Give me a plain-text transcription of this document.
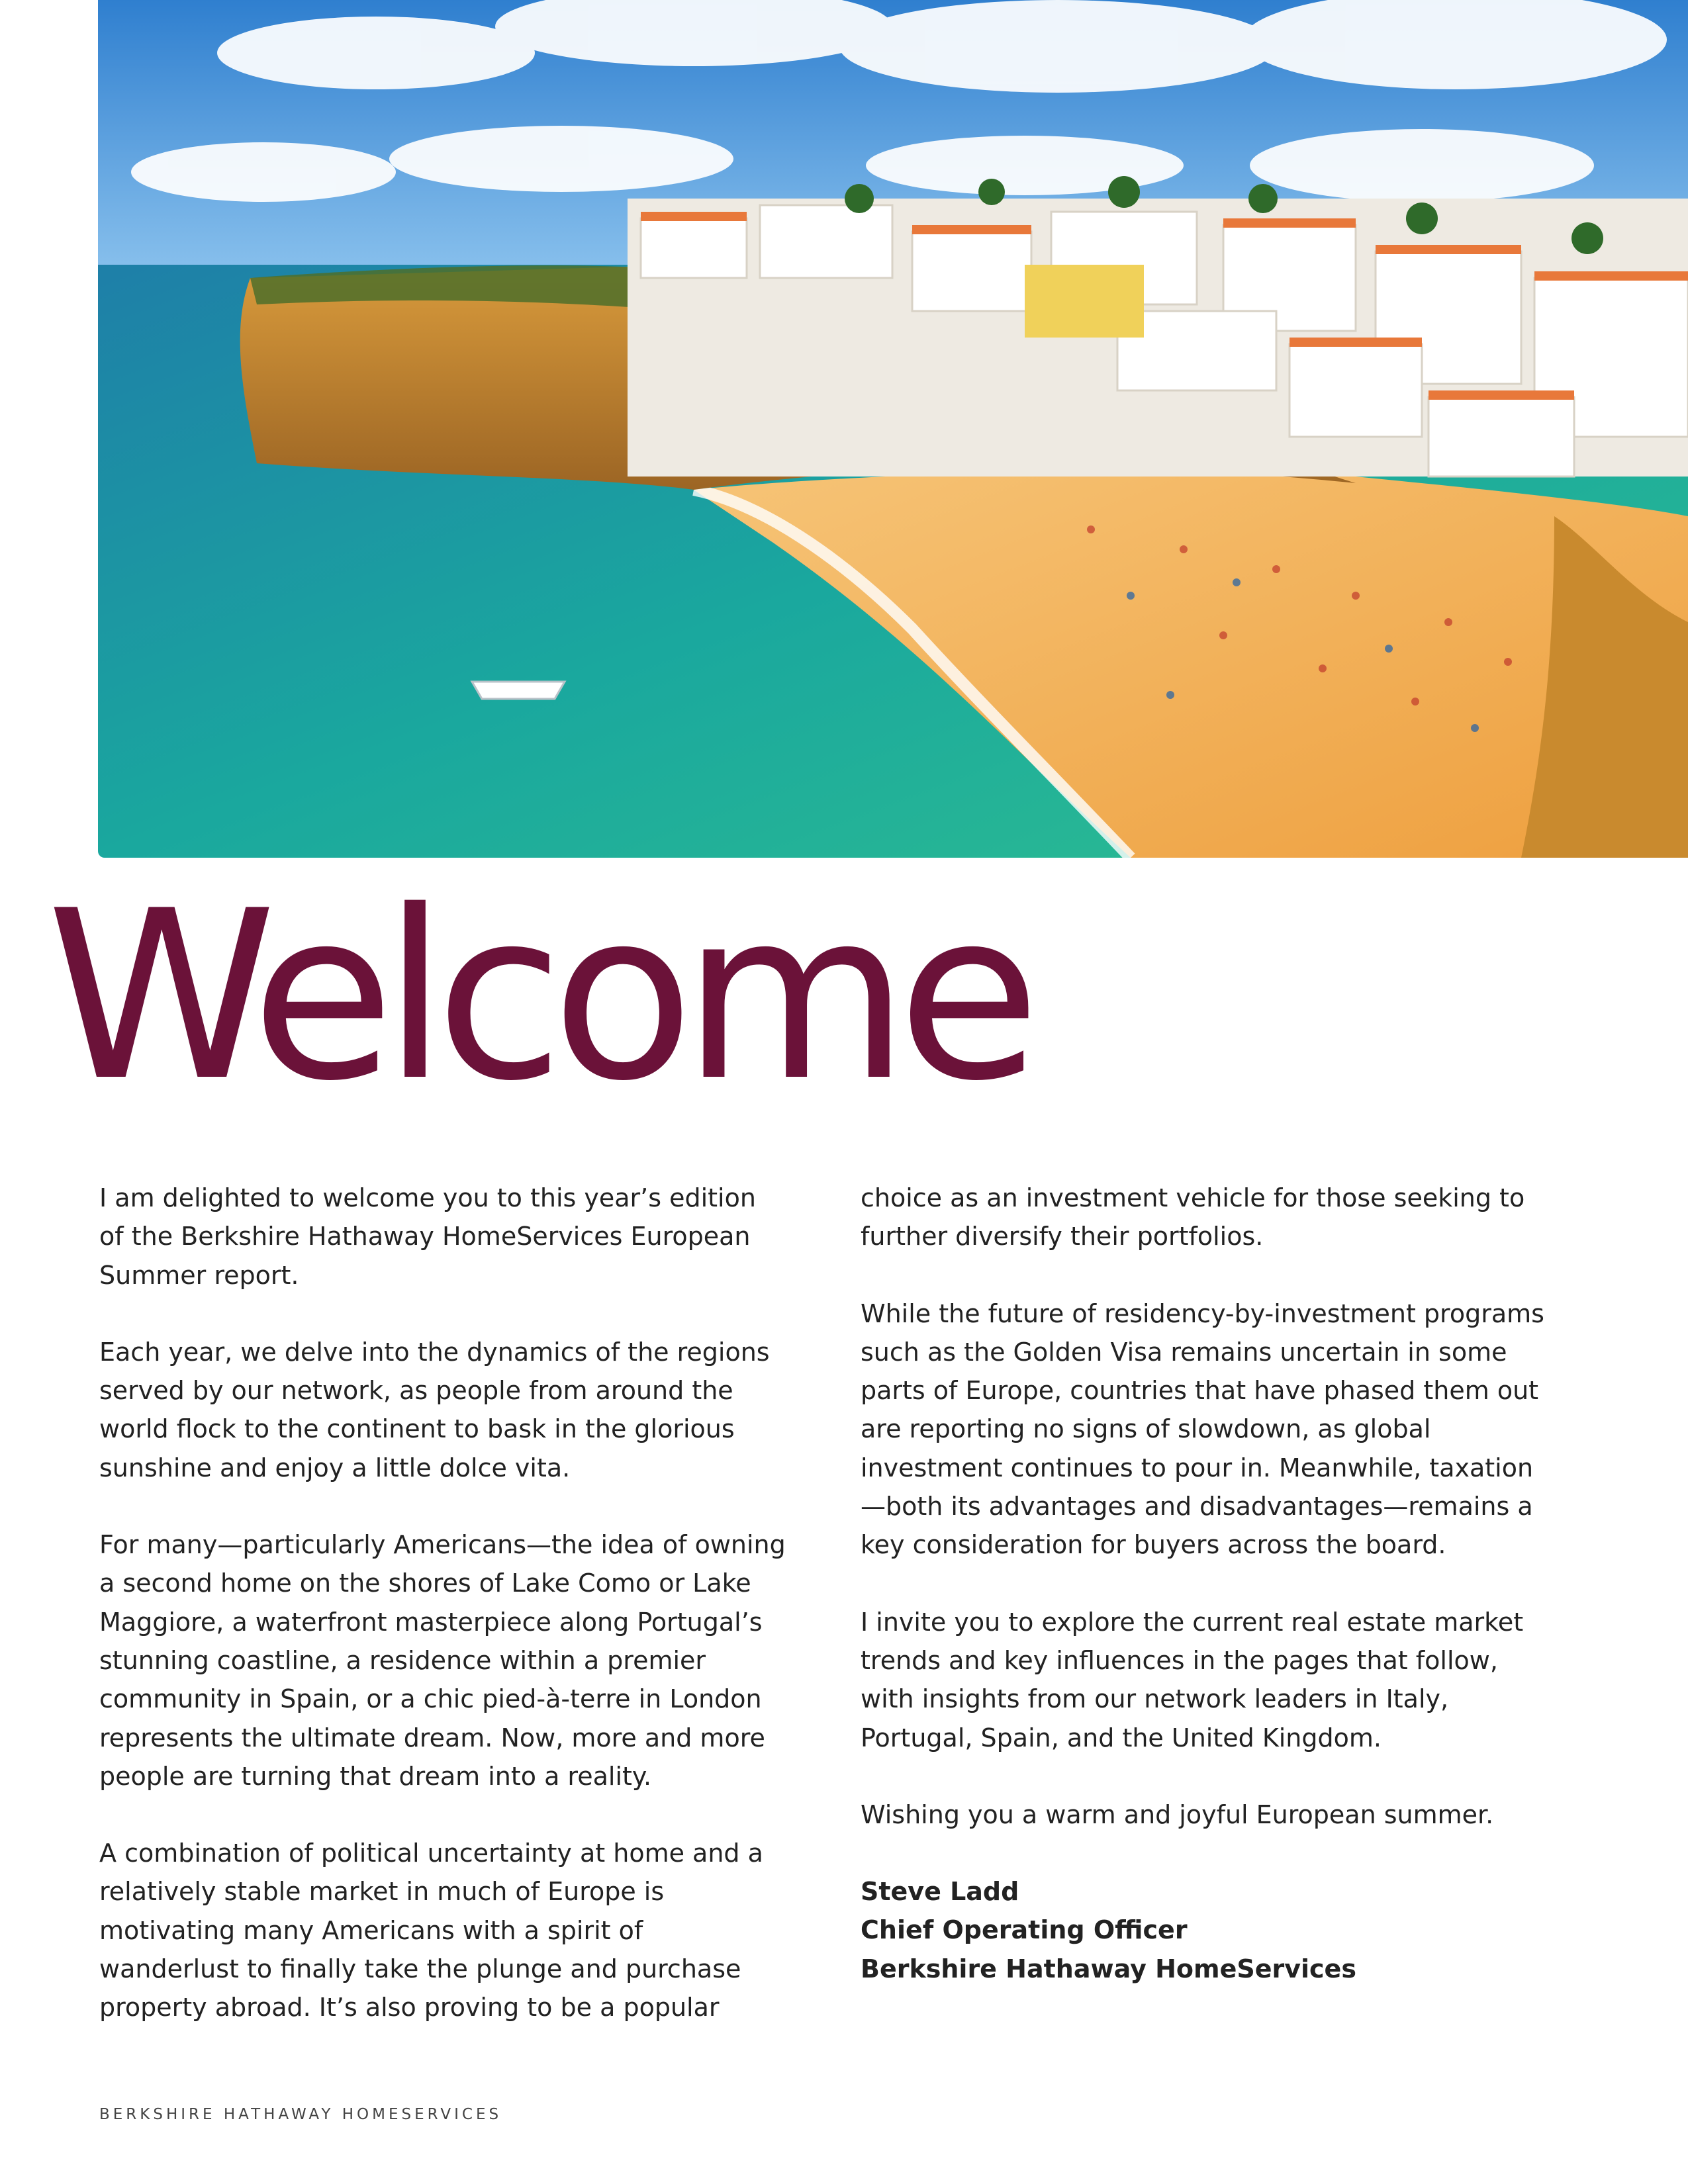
Welcome

I am delighted to welcome you to this year’s edition of the Berkshire Hathaway HomeServices European Summer report.

Each year, we delve into the dynamics of the regions served by our network, as people from around the world flock to the continent to bask in the glorious sunshine and enjoy a little dolce vita.

For many—particularly Americans—the idea of owning a second home on the shores of Lake Como or Lake Maggiore, a waterfront masterpiece along Portugal’s stunning coastline, a residence within a premier community in Spain, or a chic pied-à-terre in London represents the ultimate dream. Now, more and more people are turning that dream into a reality.

A combination of political uncertainty at home and a relatively stable market in much of Europe is motivating many Americans with a spirit of wanderlust to finally take the plunge and purchase property abroad. It’s also proving to be a popular

choice as an investment vehicle for those seeking to further diversify their portfolios.

While the future of residency-by-investment programs such as the Golden Visa remains uncertain in some parts of Europe, countries that have phased them out are reporting no signs of slowdown, as global investment continues to pour in. Meanwhile, taxation—both its advantages and disadvantages—remains a key consideration for buyers across the board.

I invite you to explore the current real estate market trends and key influences in the pages that follow, with insights from our network leaders in Italy, Portugal, Spain, and the United Kingdom.

Wishing you a warm and joyful European summer.

Steve Ladd
Chief Operating Officer
Berkshire Hathaway HomeServices
BERKSHIRE HATHAWAY HOMESERVICES
